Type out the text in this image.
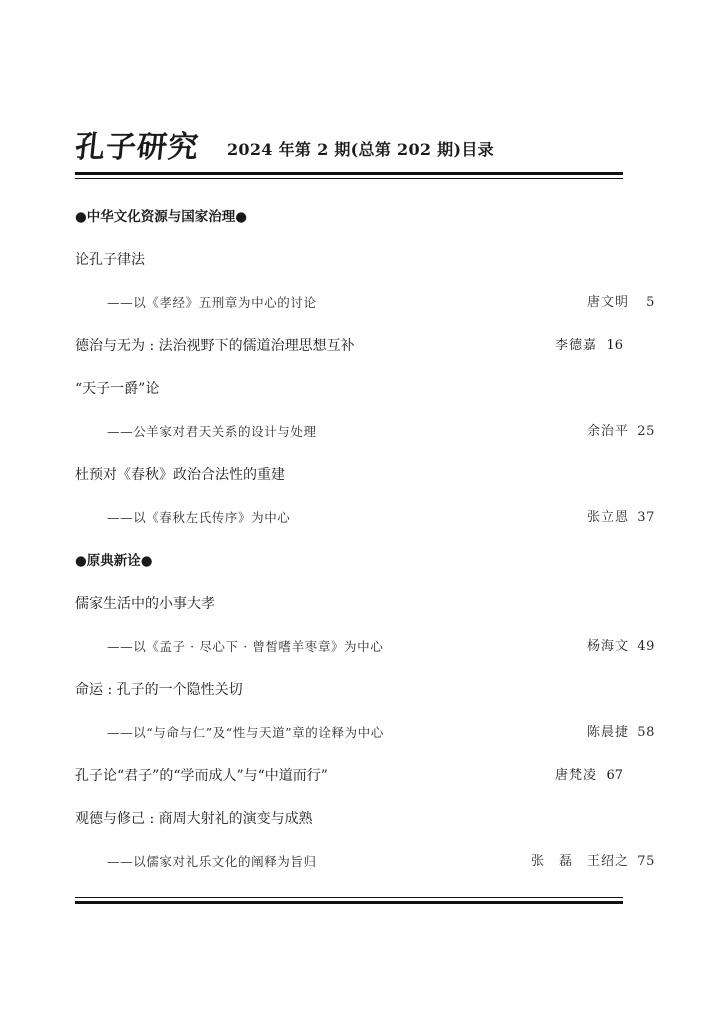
孔子研究 2024 年第 2 期(总第 202 期)目录
●中华文化资源与国家治理●
论孔子律法
——以《孝经》五刑章为中心的讨论	唐文明 5
德治与无为 : 法治视野下的儒道治理思想互补	李德嘉 16
“天子一爵”论
——公羊家对君天关系的设计与处理	余治平 25
杜预对《春秋》政治合法性的重建
——以《春秋左氏传序》为中心	张立恩 37
●原典新诠●
儒家生活中的小事大孝
——以《孟子 · 尽心下 · 曾皙嗜羊枣章》为中心	杨海文 49
命运 : 孔子的一个隐性关切
——以“与命与仁”及“性与天道”章的诠释为中心	陈晨捷 58
孔子论“君子”的“学而成人”与“中道而行”	唐梵凌 67
观德与修己 : 商周大射礼的演变与成熟
——以儒家对礼乐文化的阐释为旨归	张　磊　王绍之 75
